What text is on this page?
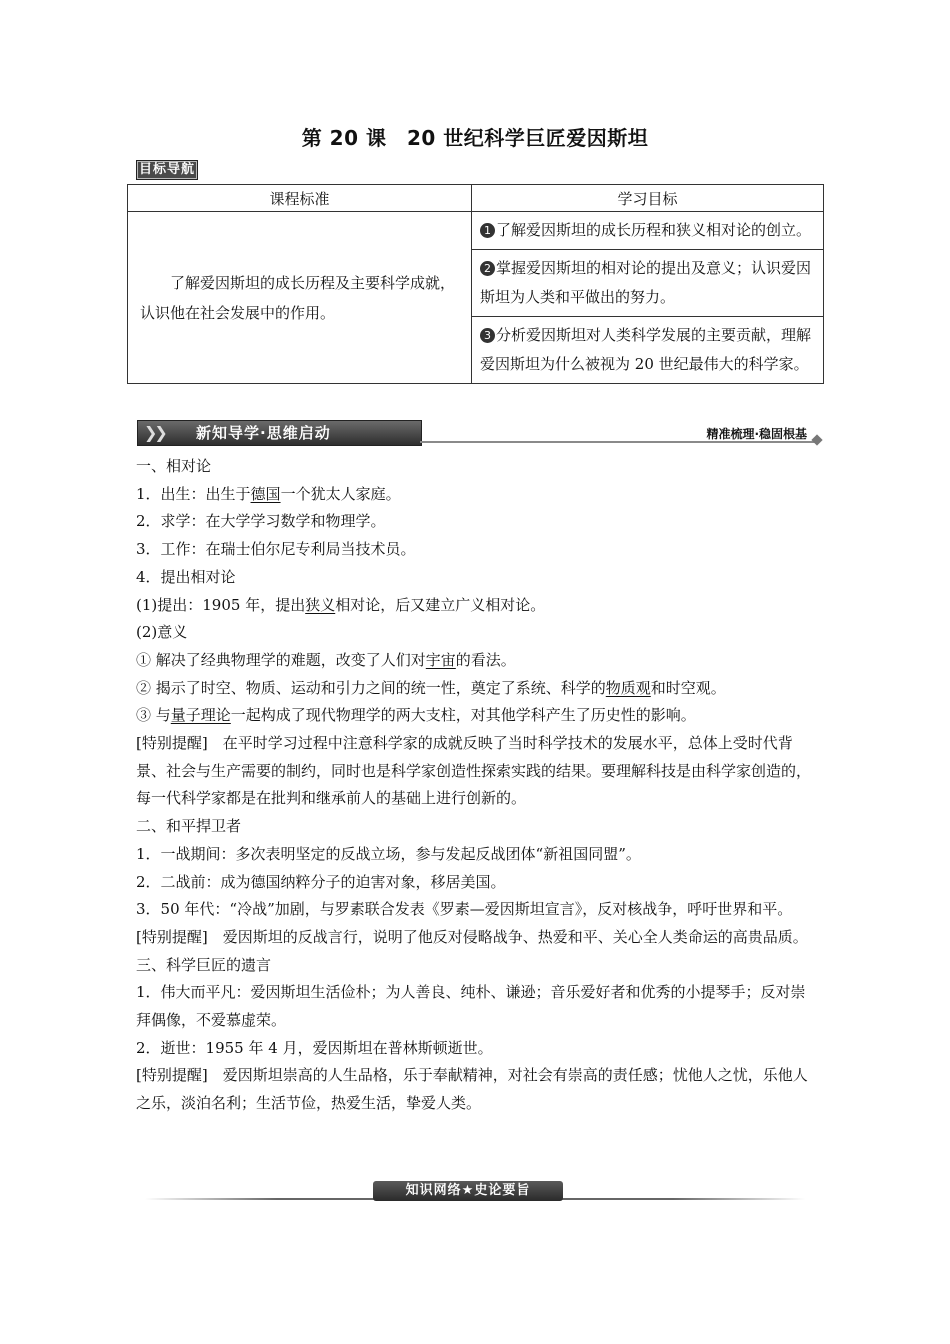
第 20 课　20 世纪科学巨匠爱因斯坦
目标导航
课程标准	学习目标

了解爱因斯坦的成长历程及主要科学成就，认识他在社会发展中的作用。	1 了解爱因斯坦的成长历程和狭义相对论的创立。

	2 掌握爱因斯坦的相对论的提出及意义；认识爱因斯坦为人类和平做出的努力。

	3 分析爱因斯坦对人类科学发展的主要贡献，理解爱因斯坦为什么被视为 20 世纪最伟大的科学家。
❯❯ 新知导学·思维启动	精准梳理·稳固根基

一、相对论

1．出生：出生于德国一个犹太人家庭。

2．求学：在大学学习数学和物理学。

3．工作：在瑞士伯尔尼专利局当技术员。

4．提出相对论

(1)提出：1905 年，提出狭义相对论，后又建立广义相对论。

(2)意义

① 解决了经典物理学的难题，改变了人们对宇宙的看法。

② 揭示了时空、物质、运动和引力之间的统一性，奠定了系统、科学的物质观和时空观。

③ 与量子理论一起构成了现代物理学的两大支柱，对其他学科产生了历史性的影响。

[特别提醒]　在平时学习过程中注意科学家的成就反映了当时科学技术的发展水平，总体上受时代背景、社会与生产需要的制约，同时也是科学家创造性探索实践的结果。要理解科技是由科学家创造的，每一代科学家都是在批判和继承前人的基础上进行创新的。

二、和平捍卫者

1．一战期间：多次表明坚定的反战立场，参与发起反战团体“新祖国同盟”。

2．二战前：成为德国纳粹分子的迫害对象，移居美国。

3．50 年代：“冷战”加剧，与罗素联合发表《罗素—爱因斯坦宣言》，反对核战争，呼吁世界和平。

[特别提醒]　爱因斯坦的反战言行，说明了他反对侵略战争、热爱和平、关心全人类命运的高贵品质。

三、科学巨匠的遗言

1．伟大而平凡：爱因斯坦生活俭朴；为人善良、纯朴、谦逊；音乐爱好者和优秀的小提琴手；反对崇拜偶像，不爱慕虚荣。

2．逝世：1955 年 4 月，爱因斯坦在普林斯顿逝世。

[特别提醒]　爱因斯坦崇高的人生品格，乐于奉献精神，对社会有崇高的责任感；忧他人之忧，乐他人之乐，淡泊名利；生活节俭，热爱生活，挚爱人类。

知识网络★史论要旨
